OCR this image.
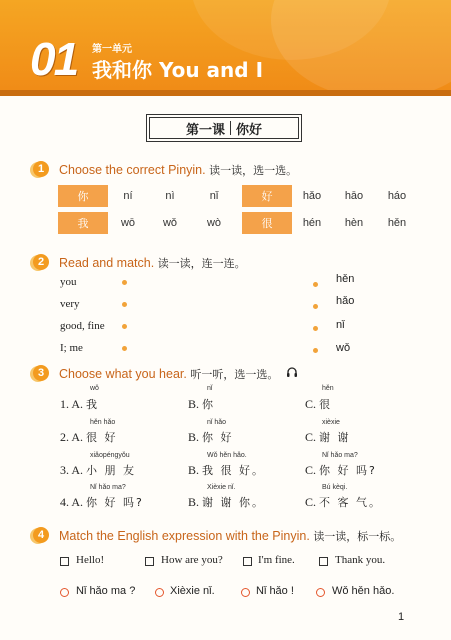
01 第一单元
我和你 You and I
第一课 你好
1	Choose the correct Pinyin. 读一读，选一选。
你	ní	nì	nǐ	好	hǎo	hāo	háo
我	wō	wǒ	wò	很	hén	hèn	hěn
2	Read and match. 读一读，连一连。
you
very
good, fine
I; me
hěn
hǎo
nǐ
wǒ
3	Choose what you hear. 听一听，选一选。
wǒ	nǐ	hěn
1. A. 我	B. 你	C. 很
hěn hǎo	nǐ hǎo	xièxie
2. A. 很 好	B. 你 好	C. 谢 谢
xiǎopéngyǒu	Wǒ hěn hǎo.	Nǐ hǎo ma?
3. A. 小 朋 友	B. 我 很 好。	C. 你 好 吗?
Nǐ hǎo ma?	Xièxie nǐ.	Bú kèqi.
4. A. 你 好 吗?	B. 谢 谢 你。	C. 不 客 气。
4	Match the English expression with the Pinyin. 读一读，标一标。
Hello!	How are you?	I'm fine.	Thank you.
Nǐ hǎo ma ?	Xièxie nǐ.	Nǐ hǎo !	Wǒ hěn hǎo.
1
